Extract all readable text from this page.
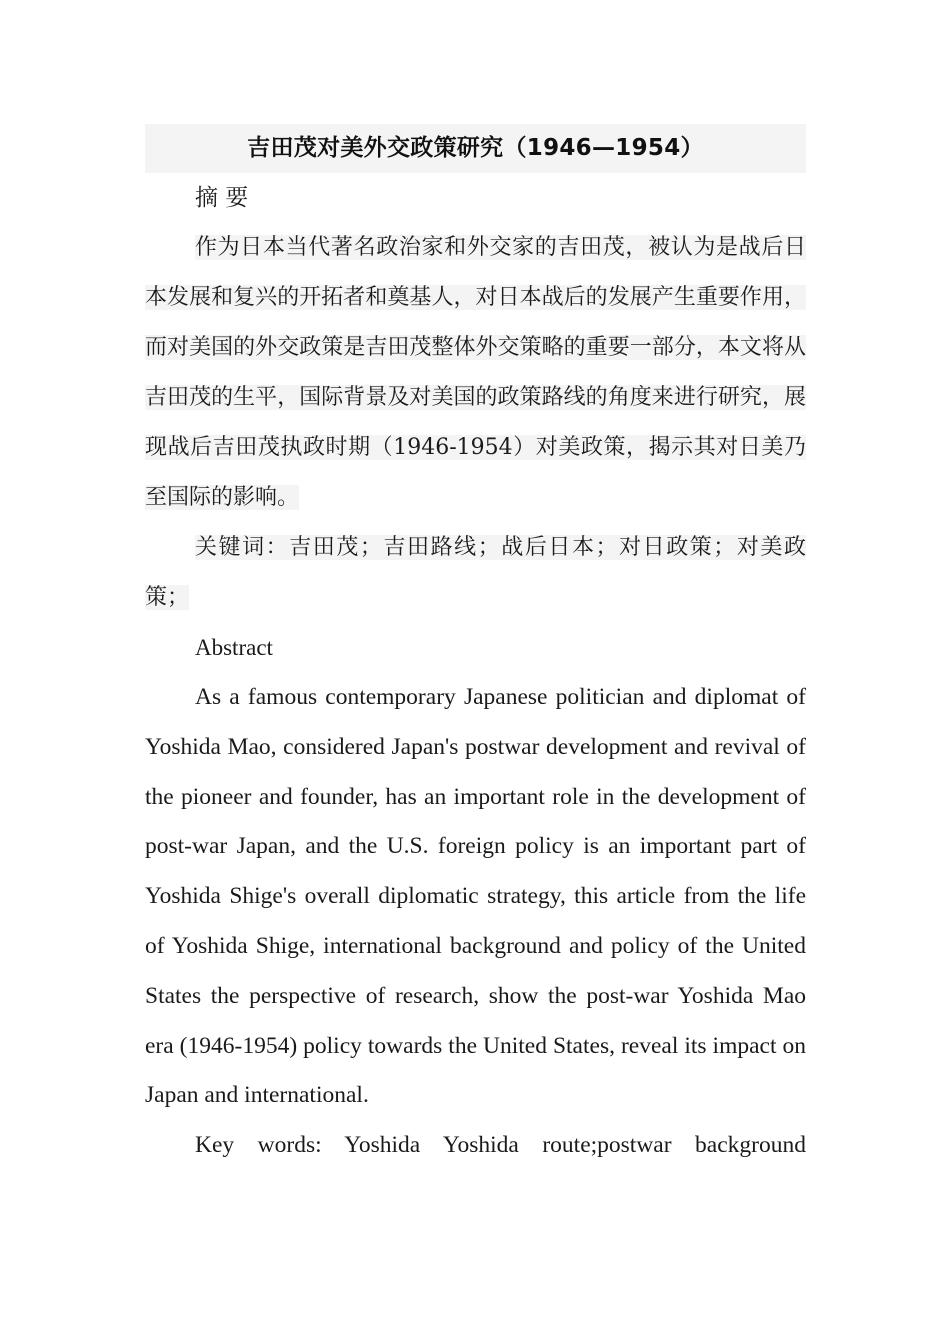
吉田茂对美外交政策研究（1946—1954）

摘 要

作为日本当代著名政治家和外交家的吉田茂，被认为是战后日本发展和复兴的开拓者和奠基人，对日本战后的发展产生重要作用，而对美国的外交政策是吉田茂整体外交策略的重要一部分，本文将从吉田茂的生平，国际背景及对美国的政策路线的角度来进行研究，展现战后吉田茂执政时期（1946-1954）对美政策，揭示其对日美乃至国际的影响。

关键词：吉田茂；吉田路线；战后日本；对日政策；对美政策；

Abstract

As a famous contemporary Japanese politician and diplomat of Yoshida Mao, considered Japan's postwar development and revival of the pioneer and founder, has an important role in the development of post-war Japan, and the U.S. foreign policy is an important part of Yoshida Shige's overall diplomatic strategy, this article from the life of Yoshida Shige, international background and policy of the United States the perspective of research, show the post-war Yoshida Mao era (1946-1954) policy towards the United States, reveal its impact on Japan and international.

Key words: Yoshida Yoshida route;postwar background
